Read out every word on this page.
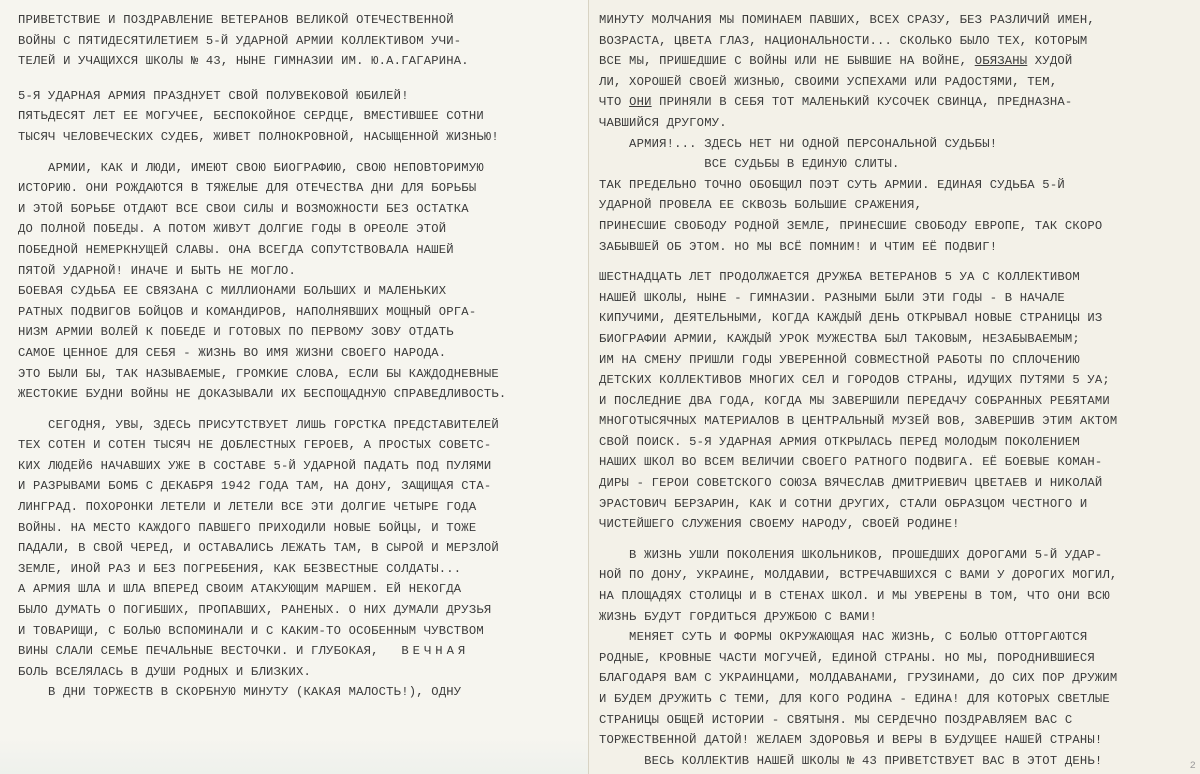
ПРИВЕТСТВИЕ И ПОЗДРАВЛЕНИЕ ВЕТЕРАНОВ ВЕЛИКОЙ ОТЕЧЕСТВЕННОЙ
ВОЙНЫ С ПЯТИДЕСЯТИЛЕТИЕМ 5-Й УДАРНОЙ АРМИИ КОЛЛЕКТИВОМ УЧИ-
ТЕЛЕЙ И УЧАЩИХСЯ ШКОЛЫ № 43, НЫНЕ ГИМНАЗИИ ИМ. Ю.А.ГАГАРИНА.
5-Я УДАРНАЯ АРМИЯ ПРАЗДНУЕТ СВОЙ ПОЛУВЕКОВОЙ ЮБИЛЕЙ!
ПЯТЬДЕСЯТ ЛЕТ ЕЕ МОГУЧЕЕ, БЕСПОКОЙНОЕ СЕРДЦЕ, ВМЕСТИВШЕЕ СОТНИ
ТЫСЯЧ ЧЕЛОВЕЧЕСКИХ СУДЕБ, ЖИВЕТ ПОЛНОКРОВНОЙ, НАСЫЩЕННОЙ ЖИЗНЬЮ!
АРМИИ, КАК И ЛЮДИ, ИМЕЮТ СВОЮ БИОГРАФИЮ, СВОЮ НЕПОВТОРИМУЮ
ИСТОРИЮ. ОНИ РОЖДАЮТСЯ В ТЯЖЕЛЫЕ ДЛЯ ОТЕЧЕСТВА ДНИ ДЛЯ БОРЬБЫ
И ЭТОЙ БОРЬБЕ ОТДАЮТ ВСЕ СВОИ СИЛЫ И ВОЗМОЖНОСТИ БЕЗ ОСТАТКА
ДО ПОЛНОЙ ПОБЕДЫ. А ПОТОМ ЖИВУТ ДОЛГИЕ ГОДЫ В ОРЕОЛЕ ЭТОЙ
ПОБЕДНОЙ НЕМЕРКНУЩЕЙ СЛАВЫ. ОНА ВСЕГДА СОПУТСТВОВАЛА НАШЕЙ
ПЯТОЙ УДАРНОЙ! ИНАЧЕ И БЫТЬ НЕ МОГЛО.
БОЕВАЯ СУДЬБА ЕЕ СВЯЗАНА С МИЛЛИОНАМИ БОЛЬШИХ И МАЛЕНЬКИХ
РАТНЫХ ПОДВИГОВ БОЙЦОВ И КОМАНДИРОВ, НАПОЛНЯВШИХ МОЩНЫЙ ОРГА-
НИЗМ АРМИИ ВОЛЕЙ К ПОБЕДЕ И ГОТОВЫХ ПО ПЕРВОМУ ЗОВУ ОТДАТЬ
САМОЕ ЦЕННОЕ ДЛЯ СЕБЯ - ЖИЗНЬ ВО ИМЯ ЖИЗНИ СВОЕГО НАРОДА.
ЭТО БЫЛИ БЫ, ТАК НАЗЫВАЕМЫЕ, ГРОМКИЕ СЛОВА, ЕСЛИ БЫ КАЖДОДНЕВНЫЕ
ЖЕСТОКИЕ БУДНИ ВОЙНЫ НЕ ДОКАЗЫВАЛИ ИХ БЕСПОЩАДНУЮ СПРАВЕДЛИВОСТЬ.
СЕГОДНЯ, УВЫ, ЗДЕСЬ ПРИСУТСТВУЕТ ЛИШЬ ГОРСТКА ПРЕДСТАВИТЕЛЕЙ
ТЕХ СОТЕН И СОТЕН ТЫСЯЧ НЕ ДОБЛЕСТНЫХ ГЕРОЕВ, А ПРОСТЫХ СОВЕТС-
КИХ ЛЮДЕЙ6 НАЧАВШИХ УЖЕ В СОСТАВЕ 5-Й УДАРНОЙ ПАДАТЬ ПОД ПУЛЯМИ
И РАЗРЫВАМИ БОМБ С ДЕКАБРЯ 1942 ГОДА ТАМ, НА ДОНУ, ЗАЩИЩАЯ СТА-
ЛИНГРАД. ПОХОРОНКИ ЛЕТЕЛИ И ЛЕТЕЛИ ВСЕ ЭТИ ДОЛГИЕ ЧЕТЫРЕ ГОДА
ВОЙНЫ. НА МЕСТО КАЖДОГО ПАВШЕГО ПРИХОДИЛИ НОВЫЕ БОЙЦЫ, И ТОЖЕ
ПАДАЛИ, В СВОЙ ЧЕРЕД, И ОСТАВАЛИСЬ ЛЕЖАТЬ ТАМ, В СЫРОЙ И МЕРЗЛОЙ
ЗЕМЛЕ, ИНОЙ РАЗ И БЕЗ ПОГРЕБЕНИЯ, КАК БЕЗВЕСТНЫЕ СОЛДАТЫ...
А АРМИЯ ШЛА И ШЛА ВПЕРЕД СВОИМ АТАКУЮЩИМ МАРШЕМ. ЕЙ НЕКОГДА
БЫЛО ДУМАТЬ О ПОГИБШИХ, ПРОПАВШИХ, РАНЕНЫХ. О НИХ ДУМАЛИ ДРУЗЬЯ
И ТОВАРИЩИ, С БОЛЬЮ ВСПОМИНАЛИ И С КАКИМ-ТО ОСОБЕННЫМ ЧУВСТВОМ
ВИНЫ СЛАЛИ СЕМЬЕ ПЕЧАЛЬНЫЕ ВЕСТОЧКИ. И ГЛУБОКАЯ, ВЕЧНАЯ
БОЛЬ ВСЕЛЯЛАСЬ В ДУШИ РОДНЫХ И БЛИЗКИХ.
В ДНИ ТОРЖЕСТВ В СКОРБНУЮ МИНУТУ (КАКАЯ МАЛОСТЬ!), ОДНУ
МИНУТУ МОЛЧАНИЯ МЫ ПОМИНАЕМ ПАВШИХ, ВСЕХ СРАЗУ, БЕЗ РАЗЛИЧИЙ ИМЕН,
ВОЗРАСТА, ЦВЕТА ГЛАЗ, НАЦИОНАЛЬНОСТИ... СКОЛЬКО БЫЛО ТЕХ, КОТОРЫМ
ВСЕ МЫ, ПРИШЕДШИЕ С ВОЙНЫ ИЛИ НЕ БЫВШИЕ НА ВОЙНЕ, ОБЯЗАНЫ ХУДОЙ
ЛИ, ХОРОШЕЙ СВОЕЙ ЖИЗНЬЮ, СВОИМИ УСПЕХАМИ ИЛИ РАДОСТЯМИ, ТЕМ,
ЧТО ОНИ ПРИНЯЛИ В СЕБЯ ТОТ МАЛЕНЬКИЙ КУСОЧЕК СВИНЦА, ПРЕДНАЗНА-
ЧАВШИЙСЯ ДРУГОМУ.
АРМИЯ!... ЗДЕСЬ НЕТ НИ ОДНОЙ ПЕРСОНАЛЬНОЙ СУДЬБЫ!
ВСЕ СУДЬБЫ В ЕДИНУЮ СЛИТЫ.
ТАК ПРЕДЕЛЬНО ТОЧНО ОБОБЩИЛ ПОЭТ СУТЬ АРМИИ. ЕДИНАЯ СУДЬБА 5-Й
УДАРНОЙ ПРОВЕЛА ЕЕ СКВОЗЬ БОЛЬШИЕ СРАЖЕНИЯ,
ПРИНЕСШИЕ СВОБОДУ РОДНОЙ ЗЕМЛЕ, ПРИНЕСШИЕ СВОБОДУ ЕВРОПЕ, ТАК СКОРО
ЗАБЫВШЕЙ ОБ ЭТОМ. НО МЫ ВСЁ ПОМНИМ! И ЧТИМ ЕЁ ПОДВИГ!
ШЕСТНАДЦАТЬ ЛЕТ ПРОДОЛЖАЕТСЯ ДРУЖБА ВЕТЕРАНОВ 5 УА С КОЛЛЕКТИВОМ
НАШЕЙ ШКОЛЫ, НЫНЕ - ГИМНАЗИИ. РАЗНЫМИ БЫЛИ ЭТИ ГОДЫ - В НАЧАЛЕ
КИПУЧИМИ, ДЕЯТЕЛЬНЫМИ, КОГДА КАЖДЫЙ ДЕНЬ ОТКРЫВАЛ НОВЫЕ СТРАНИЦЫ ИЗ
БИОГРАФИИ АРМИИ, КАЖДЫЙ УРОК МУЖЕСТВА БЫЛ ТАКОВЫМ, НЕЗАБЫВАЕМЫМ;
ИМ НА СМЕНУ ПРИШЛИ ГОДЫ УВЕРЕННОЙ СОВМЕСТНОЙ РАБОТЫ ПО СПЛОЧЕНИЮ
ДЕТСКИХ КОЛЛЕКТИВОВ МНОГИХ СЕЛ И ГОРОДОВ СТРАНЫ, ИДУЩИХ ПУТЯМИ 5 УА;
И ПОСЛЕДНИЕ ДВА ГОДА, КОГДА МЫ ЗАВЕРШИЛИ ПЕРЕДАЧУ СОБРАННЫХ РЕБЯТАМИ
МНОГОТЫСЯЧНЫХ МАТЕРИАЛОВ В ЦЕНТРАЛЬНЫЙ МУЗЕЙ ВОВ, ЗАВЕРШИВ ЭТИМ АКТОМ
СВОЙ ПОИСК. 5-Я УДАРНАЯ АРМИЯ ОТКРЫЛАСЬ ПЕРЕД МОЛОДЫМ ПОКОЛЕНИЕМ
НАШИХ ШКОЛ ВО ВСЕМ ВЕЛИЧИИ СВОЕГО РАТНОГО ПОДВИГА. ЕЁ БОЕВЫЕ КОМАН-
ДИРЫ - ГЕРОИ СОВЕТСКОГО СОЮЗА ВЯЧЕСЛАВ ДМИТРИЕВИЧ ЦВЕТАЕВ И НИКОЛАЙ
ЭРАСТОВИЧ БЕРЗАРИН, КАК И СОТНИ ДРУГИХ, СТАЛИ ОБРАЗЦОМ ЧЕСТНОГО И
ЧИСТЕЙШЕГО СЛУЖЕНИЯ СВОЕМУ НАРОДУ, СВОЕЙ РОДИНЕ!
В ЖИЗНЬ УШЛИ ПОКОЛЕНИЯ ШКОЛЬНИКОВ, ПРОШЕДШИХ ДОРОГАМИ 5-Й УДАР-
НОЙ ПО ДОНУ, УКРАИНЕ, МОЛДАВИИ, ВСТРЕЧАВШИХСЯ С ВАМИ У ДОРОГИХ МОГИЛ,
НА ПЛОЩАДЯХ СТОЛИЦЫ И В СТЕНАХ ШКОЛ. И МЫ УВЕРЕНЫ В ТОМ, ЧТО ОНИ ВСЮ
ЖИЗНЬ БУДУТ ГОРДИТЬСЯ ДРУЖБОЮ С ВАМИ!
МЕНЯЕТ СУТЬ И ФОРМЫ ОКРУЖАЮЩАЯ НАС ЖИЗНЬ, С БОЛЬЮ ОТТОРГАЮТСЯ
РОДНЫЕ, КРОВНЫЕ ЧАСТИ МОГУЧЕЙ, ЕДИНОЙ СТРАНЫ. НО МЫ, ПОРОДНИВШИЕСЯ
БЛАГОДАРЯ ВАМ С УКРАИНЦАМИ, МОЛДАВАНАМИ, ГРУЗИНАМИ, ДО СИХ ПОР ДРУЖИМ
И БУДЕМ ДРУЖИТЬ С ТЕМИ, ДЛЯ КОГО РОДИНА - ЕДИНА! ДЛЯ КОТОРЫХ СВЕТЛЫЕ
СТРАНИЦЫ ОБЩЕЙ ИСТОРИИ - СВЯТЫНЯ. МЫ СЕРДЕЧНО ПОЗДРАВЛЯЕМ ВАС С
ТОРЖЕСТВЕННОЙ ДАТОЙ! ЖЕЛАЕМ ЗДОРОВЬЯ И ВЕРЫ В БУДУЩЕЕ НАШЕЙ СТРАНЫ!
ВЕСЬ КОЛЛЕКТИВ НАШЕЙ ШКОЛЫ № 43 ПРИВЕТСТВУЕТ ВАС В ЭТОТ ДЕНЬ!	2
